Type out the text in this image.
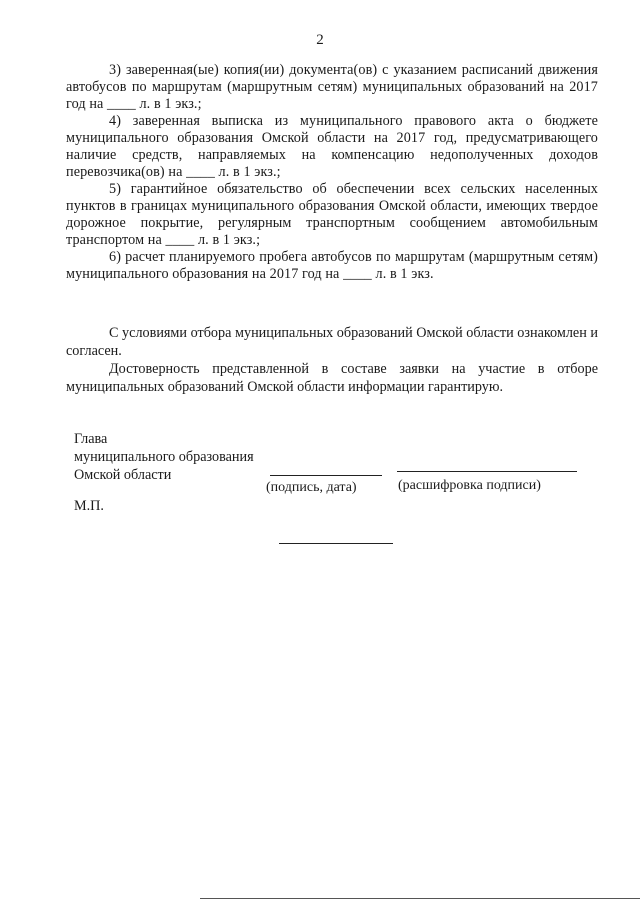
2

3) заверенная(ые) копия(ии) документа(ов) с указанием расписаний движения автобусов по маршрутам (маршрутным сетям) муниципальных образований на 2017 год на ____ л. в 1 экз.;

4) заверенная выписка из муниципального правового акта о бюджете муниципального образования Омской области на 2017 год, предусматривающего наличие средств, направляемых на компенсацию недополученных доходов перевозчика(ов) на ____ л. в 1 экз.;

5) гарантийное обязательство об обеспечении всех сельских населенных пунктов в границах муниципального образования Омской области, имеющих твердое дорожное покрытие, регулярным транспортным сообщением автомобильным транспортом на ____ л. в 1 экз.;

6) расчет планируемого пробега автобусов по маршрутам (маршрутным сетям) муниципального образования на 2017 год на ____ л. в 1 экз.

С условиями отбора муниципальных образований Омской области ознакомлен и согласен.

Достоверность представленной в составе заявки на участие в отборе муниципальных образований Омской области информации гарантирую.

Глава
муниципального образования
Омской области
(подпись, дата)	(расшифровка подписи)
М.П.
